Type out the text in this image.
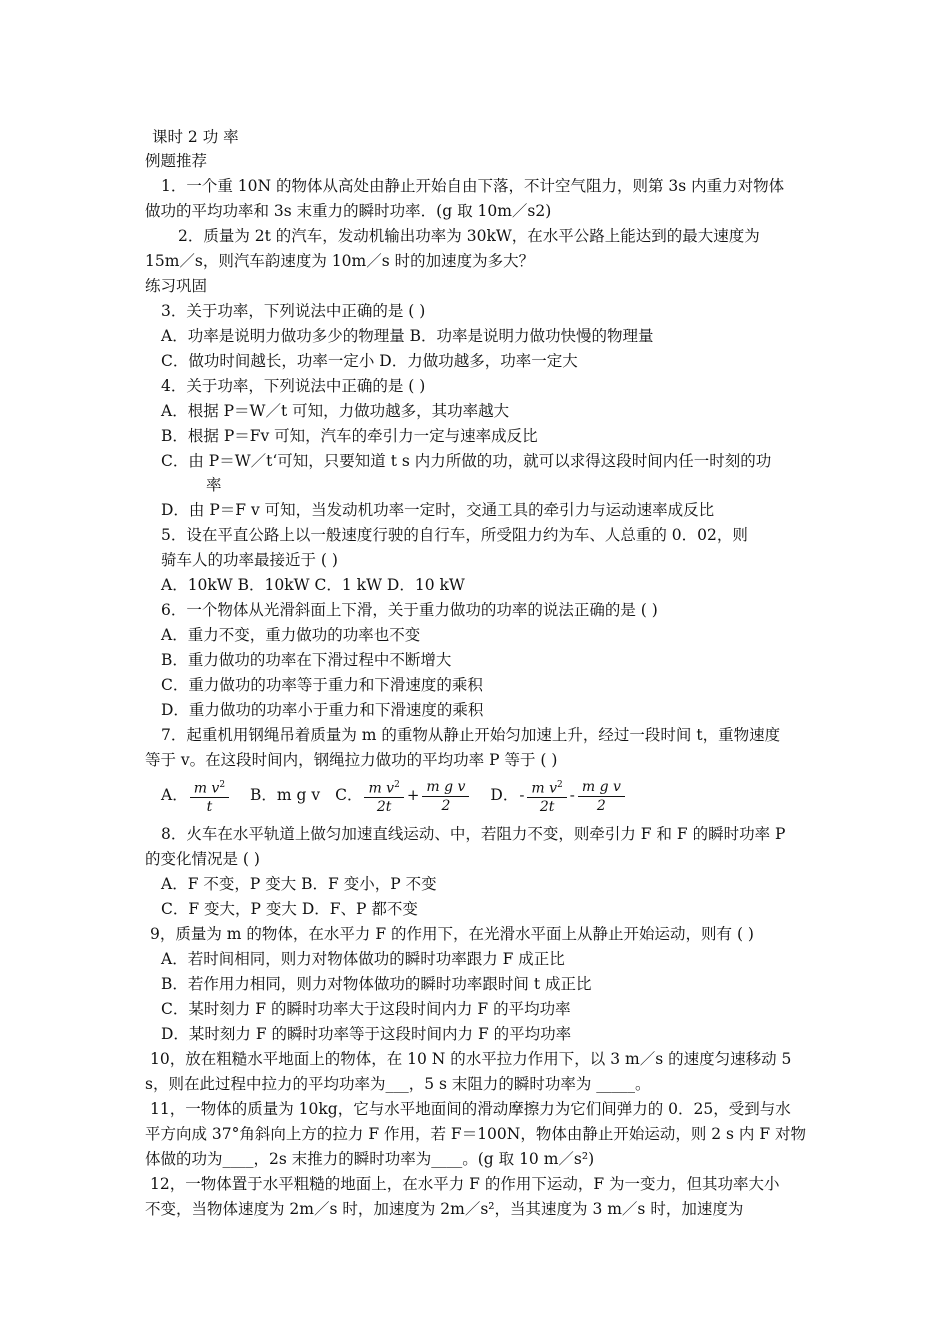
课时 2 功 率
例题推荐
1．一个重 10N 的物体从高处由静止开始自由下落，不计空气阻力，则第 3s 内重力对物体
做功的平均功率和 3s 末重力的瞬时功率．(g 取 10m／s2)
2．质量为 2t 的汽车，发动机输出功率为 30kW，在水平公路上能达到的最大速度为
15m／s，则汽车韵速度为 10m／s 时的加速度为多大？
练习巩固
3．关于功率，下列说法中正确的是 ( )
A．功率是说明力做功多少的物理量 B．功率是说明力做功快慢的物理量
C．做功时间越长，功率一定小 D．力做功越多，功率一定大
4．关于功率，下列说法中正确的是 ( )
A．根据 P＝W／t 可知，力做功越多，其功率越大
B．根据 P＝Fv 可知，汽车的牵引力一定与速率成反比
C．由 P＝W／t‘可知，只要知道 t s 内力所做的功，就可以求得这段时间内任一时刻的功
率
D．由 P＝F v 可知，当发动机功率一定时，交通工具的牵引力与运动速率成反比
5．设在平直公路上以一般速度行驶的自行车，所受阻力约为车、人总重的 0．02，则
骑车人的功率最接近于 ( )
A．10kW B．10kW C．1 kW D．10 kW
6．一个物体从光滑斜面上下滑，关于重力做功的功率的说法正确的是 ( )
A．重力不变，重力做功的功率也不变
B．重力做功的功率在下滑过程中不断增大
C．重力做功的功率等于重力和下滑速度的乘积
D．重力做功的功率小于重力和下滑速度的乘积
7．起重机用钢绳吊着质量为 m 的重物从静止开始匀加速上升，经过一段时间 t，重物速度
等于 v。在这段时间内，钢绳拉力做功的平均功率 P 等于 ( )
A． $\frac{m v^2}{t}$ B．m g v C． $\frac{m v^2}{2t} + \frac{\text{m g v}}{2}$ D．- $\frac{m v^2}{2t} - \frac{\text{m g v}}{2}$
8．火车在水平轨道上做匀加速直线运动、中，若阻力不变，则牵引力 F 和 F 的瞬时功率 P
的变化情况是 ( )
A．F 不变，P 变大 B．F 变小，P 不变
C．F 变大，P 变大 D．F、P 都不变
9，质量为 m 的物体，在水平力 F 的作用下，在光滑水平面上从静止开始运动，则有 ( )
A．若时间相同，则力对物体做功的瞬时功率跟力 F 成正比
B．若作用力相同，则力对物体做功的瞬时功率跟时间 t 成正比
C．某时刻力 F 的瞬时功率大于这段时间内力 F 的平均功率
D．某时刻力 F 的瞬时功率等于这段时间内力 F 的平均功率
10，放在粗糙水平地面上的物体，在 10 N 的水平拉力作用下，以 3 m／s 的速度匀速移动 5
s，则在此过程中拉力的平均功率为___，5 s 末阻力的瞬时功率为 _____。
11，一物体的质量为 10kg，它与水平地面间的滑动摩擦力为它们间弹力的 0．25，受到与水
平方向成 37°角斜向上方的拉力 F 作用，若 F＝100N，物体由静止开始运动，则 2 s 内 F 对物
体做的功为____，2s 末推力的瞬时功率为____。(g 取 10 m／s²)
12，一物体置于水平粗糙的地面上，在水平力 F 的作用下运动，F 为一变力，但其功率大小
不变，当物体速度为 2m／s 时，加速度为 2m／s²，当其速度为 3 m／s 时，加速度为
